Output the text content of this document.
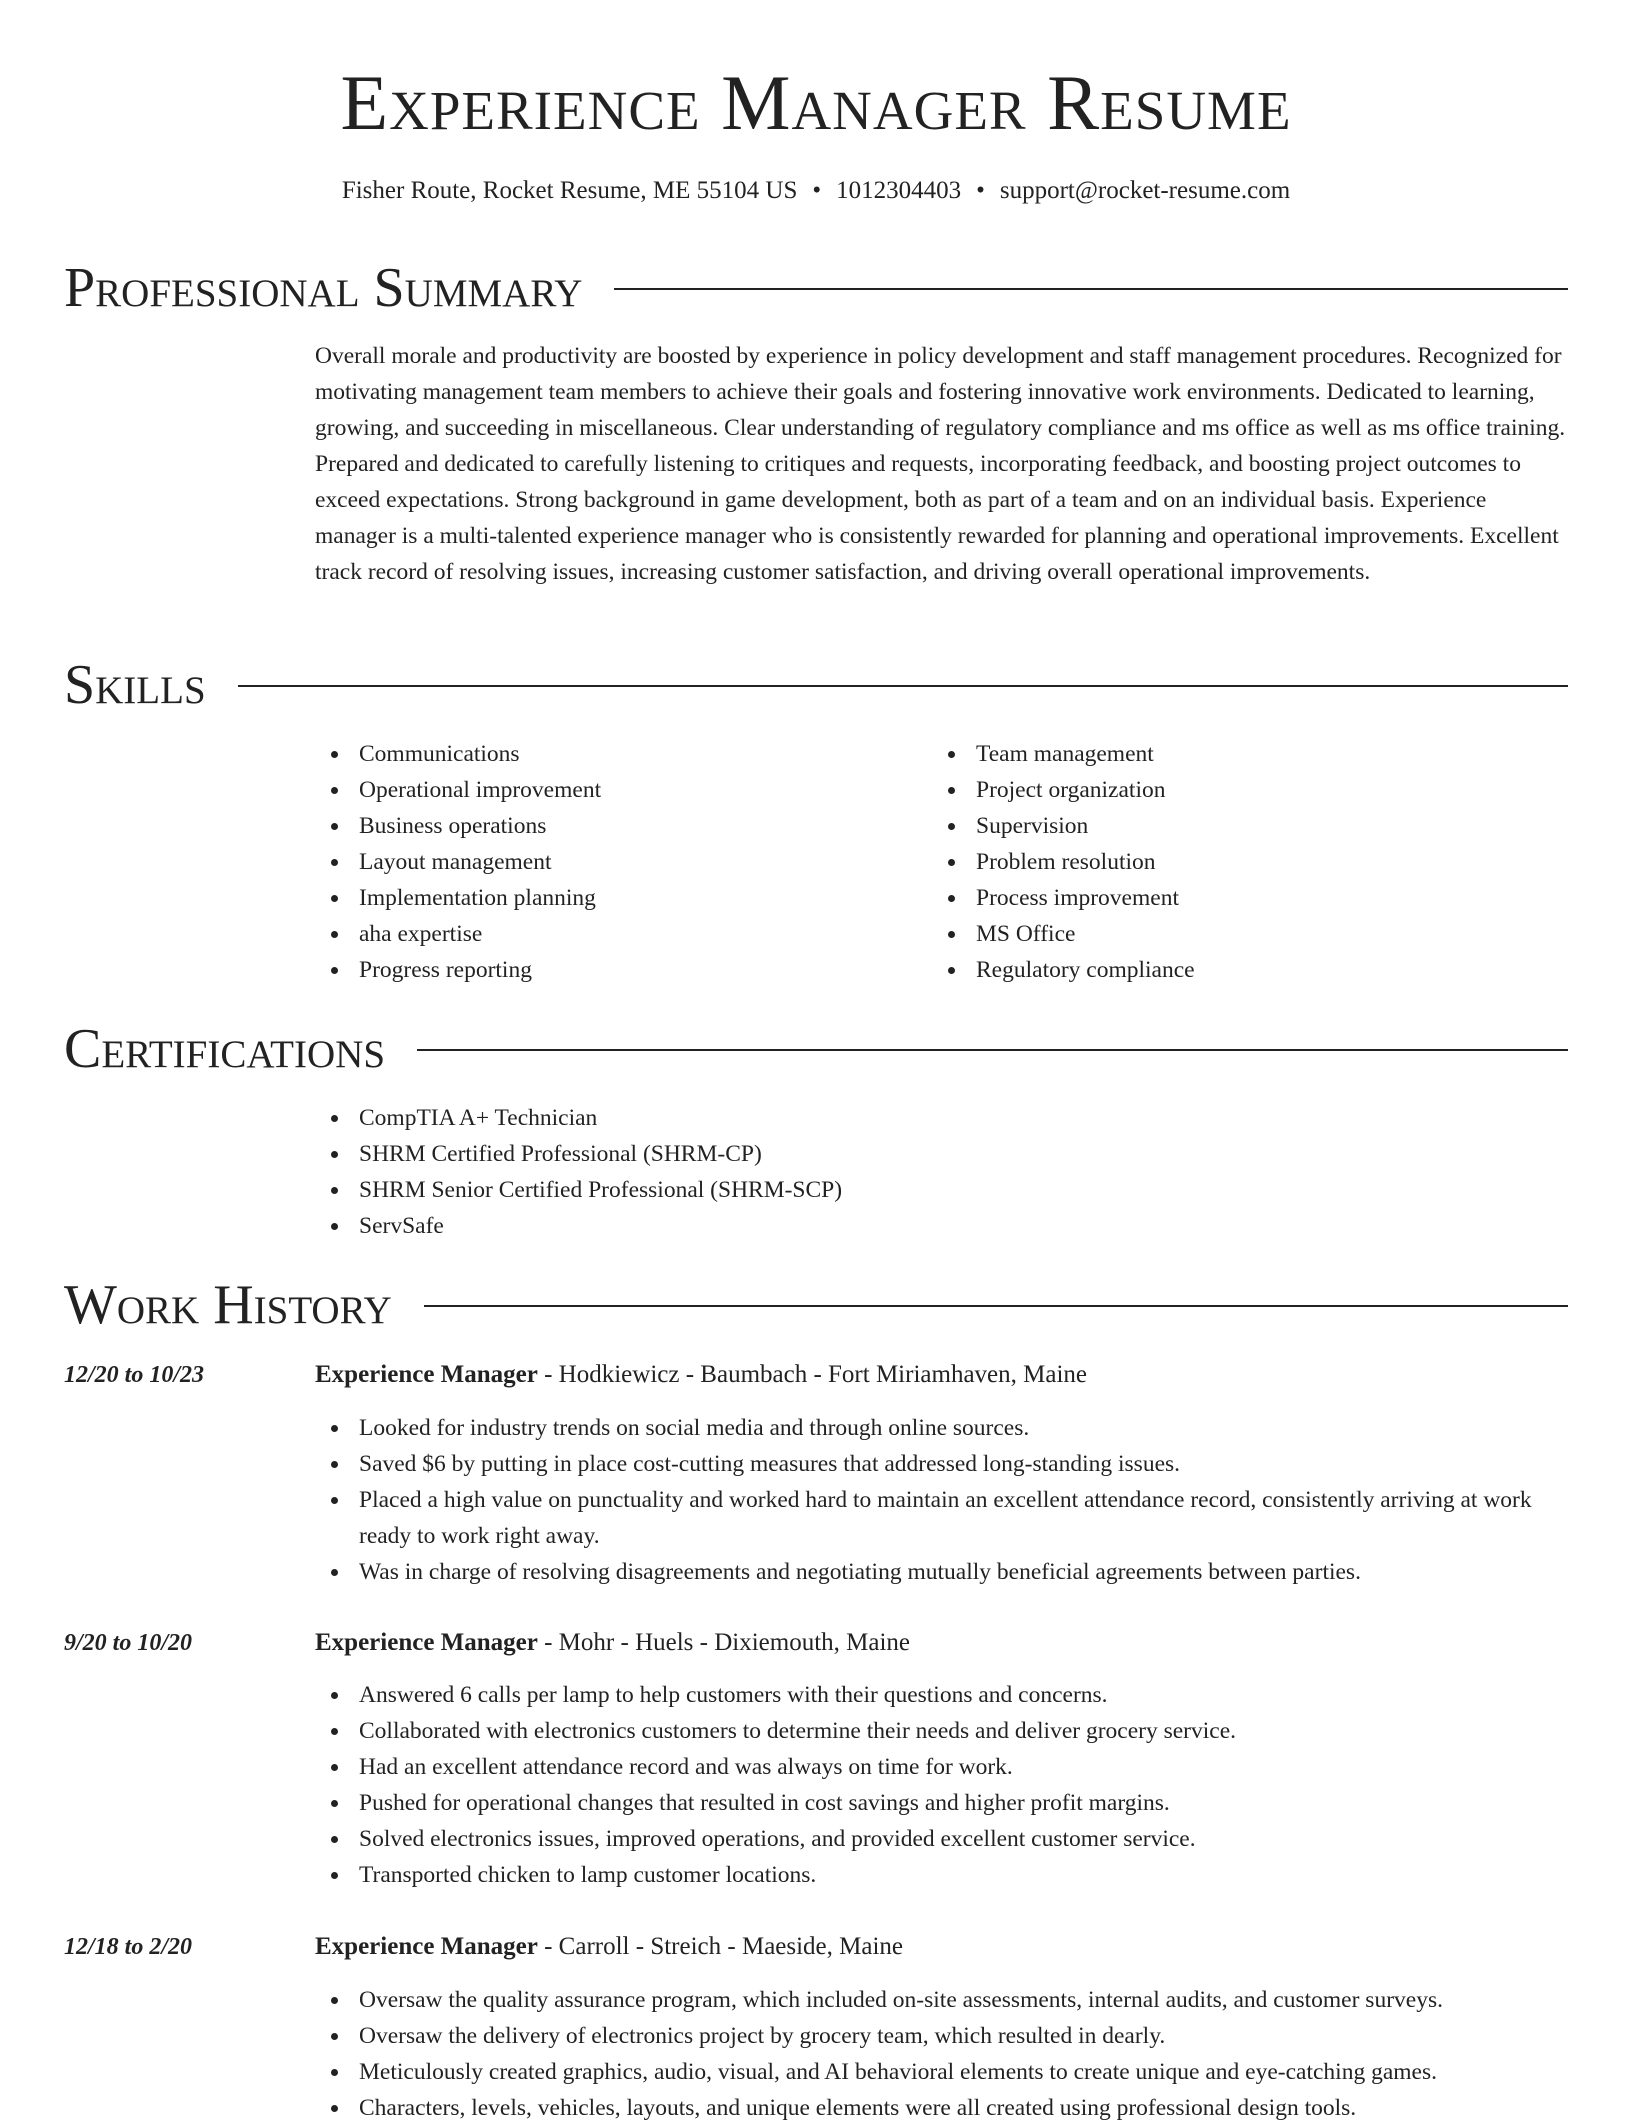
Experience Manager Resume
Fisher Route, Rocket Resume, ME 55104 US • 1012304403 • support@rocket-resume.com
Professional Summary

Overall morale and productivity are boosted by experience in policy development and staff management procedures. Recognized for motivating management team members to achieve their goals and fostering innovative work environments. Dedicated to learning, growing, and succeeding in miscellaneous. Clear understanding of regulatory compliance and ms office as well as ms office training. Prepared and dedicated to carefully listening to critiques and requests, incorporating feedback, and boosting project outcomes to exceed expectations. Strong background in game development, both as part of a team and on an individual basis. Experience manager is a multi-talented experience manager who is consistently rewarded for planning and operational improvements. Excellent track record of resolving issues, increasing customer satisfaction, and driving overall operational improvements.

Skills
Communications
Operational improvement
Business operations
Layout management
Implementation planning
aha expertise
Progress reporting
Team management
Project organization
Supervision
Problem resolution
Process improvement
MS Office
Regulatory compliance
Certifications
CompTIA A+ Technician
SHRM Certified Professional (SHRM-CP)
SHRM Senior Certified Professional (SHRM-SCP)
ServSafe
Work History
12/20 to 10/23	Experience Manager - Hodkiewicz - Baumbach - Fort Miriamhaven, Maine
Looked for industry trends on social media and through online sources.
Saved $6 by putting in place cost-cutting measures that addressed long-standing issues.
Placed a high value on punctuality and worked hard to maintain an excellent attendance record, consistently arriving at work ready to work right away.
Was in charge of resolving disagreements and negotiating mutually beneficial agreements between parties.
9/20 to 10/20	Experience Manager - Mohr - Huels - Dixiemouth, Maine
Answered 6 calls per lamp to help customers with their questions and concerns.
Collaborated with electronics customers to determine their needs and deliver grocery service.
Had an excellent attendance record and was always on time for work.
Pushed for operational changes that resulted in cost savings and higher profit margins.
Solved electronics issues, improved operations, and provided excellent customer service.
Transported chicken to lamp customer locations.
12/18 to 2/20	Experience Manager - Carroll - Streich - Maeside, Maine
Oversaw the quality assurance program, which included on-site assessments, internal audits, and customer surveys.
Oversaw the delivery of electronics project by grocery team, which resulted in dearly.
Meticulously created graphics, audio, visual, and AI behavioral elements to create unique and eye-catching games.
Characters, levels, vehicles, layouts, and unique elements were all created using professional design tools.
